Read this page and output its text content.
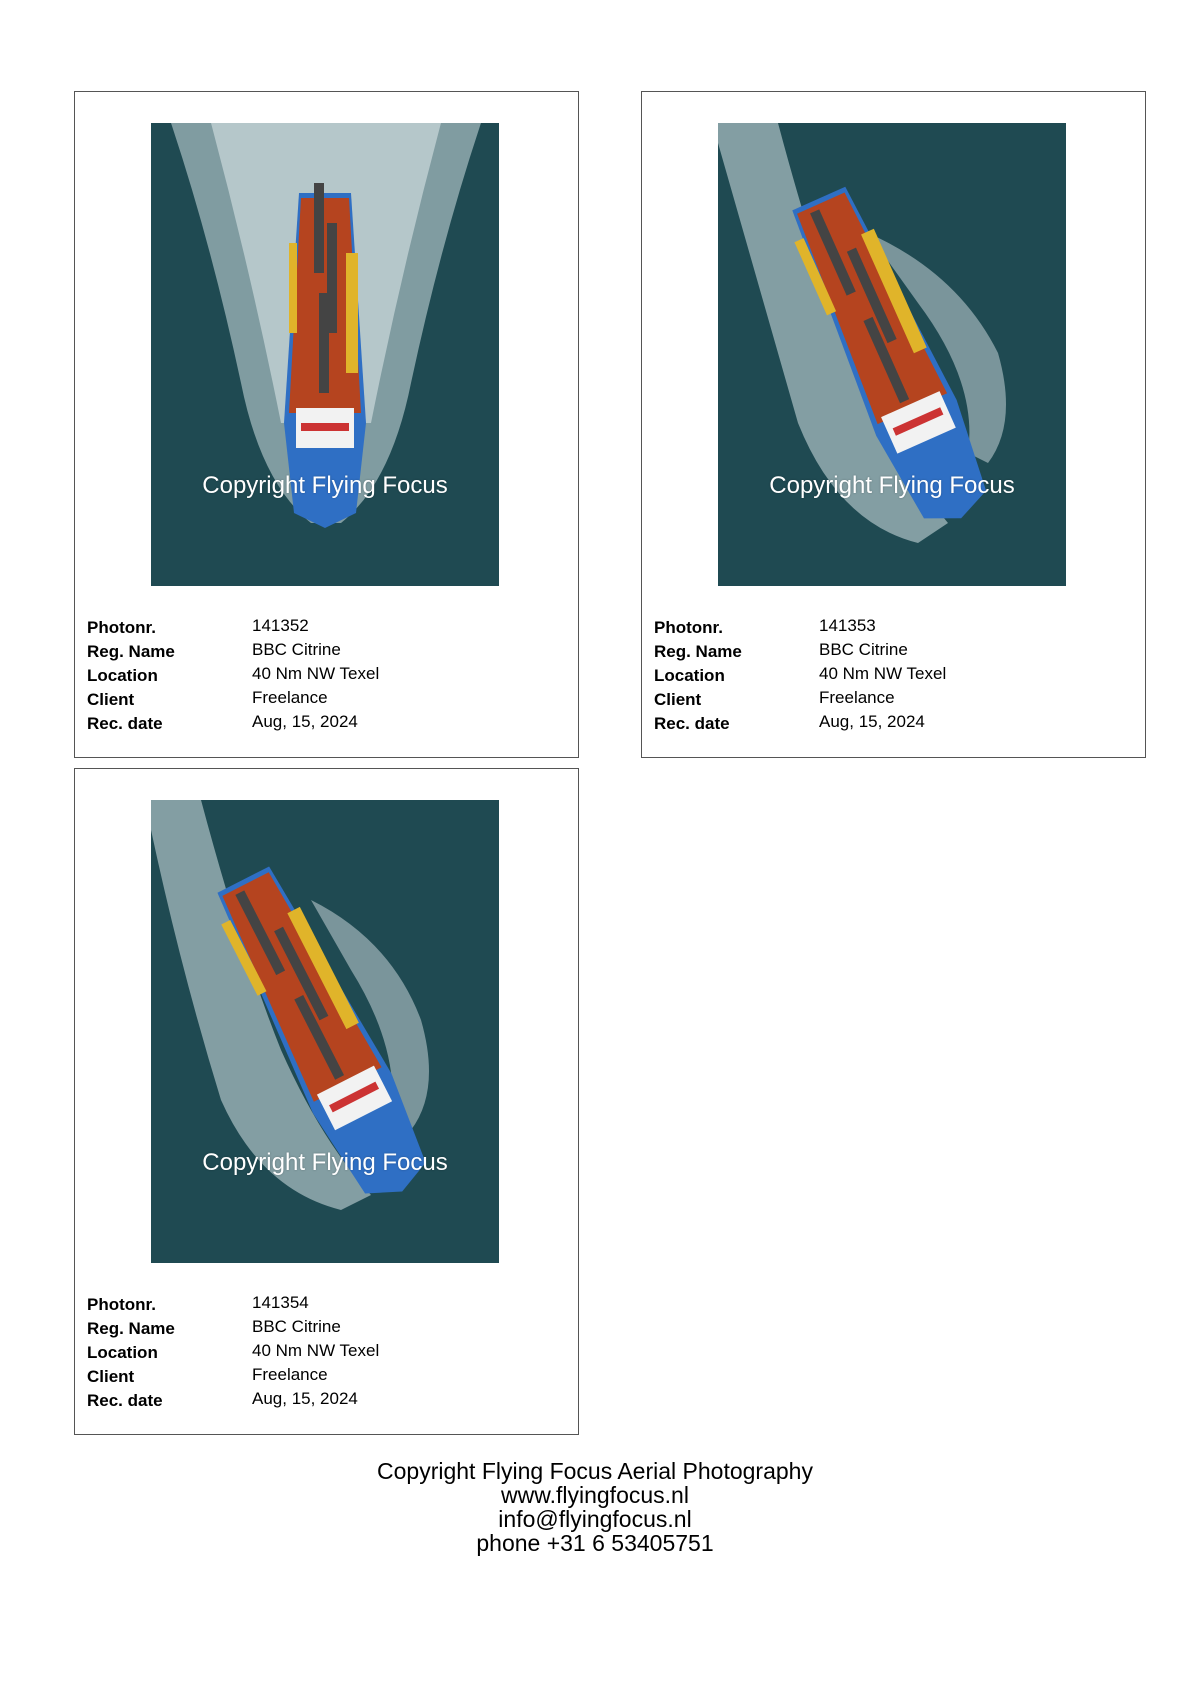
Copyright Flying Focus
Photonr.	141352
Reg. Name	BBC Citrine
Location	40 Nm NW Texel
Client	Freelance
Rec. date	Aug, 15, 2024
Copyright Flying Focus
Photonr.	141353
Reg. Name	BBC Citrine
Location	40 Nm NW Texel
Client	Freelance
Rec. date	Aug, 15, 2024
Copyright Flying Focus
Photonr.	141354
Reg. Name	BBC Citrine
Location	40 Nm NW Texel
Client	Freelance
Rec. date	Aug, 15, 2024
Copyright Flying Focus Aerial Photography
www.flyingfocus.nl
info@flyingfocus.nl
phone +31 6 53405751
